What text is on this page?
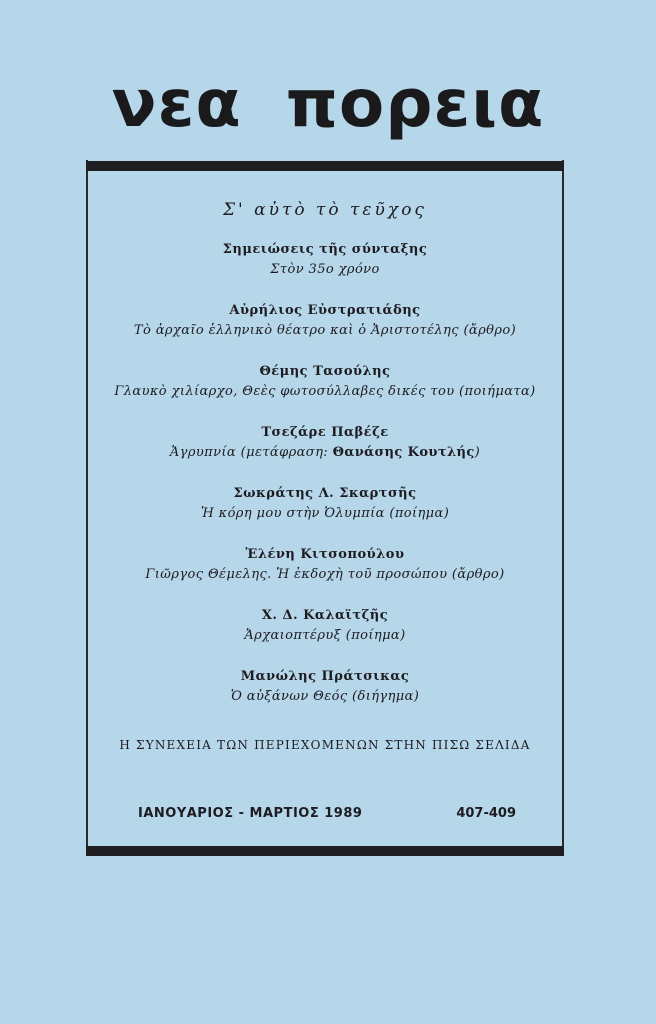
νεα πορεια
Σ' αὐτὸ τὸ τεῦχος
Σημειώσεις τῆς σύνταξης
Στὸν 35ο χρόνο
Αὐρήλιος Εὐστρατιάδης
Τὸ ἀρχαῖο ἑλληνικὸ θέατρο καὶ ὁ Ἀριστοτέλης (ἄρθρο)
Θέμης Τασούλης
Γλαυκὸ χιλίαρχο, Θεὲς φωτοσύλλαβες δικές του (ποιήματα)
Τσεζάρε Παβέζε
Ἀγρυπνία (μετάφραση: Θανάσης Κουτλής)
Σωκράτης Λ. Σκαρτσῆς
Ἡ κόρη μου στὴν Ὀλυμπία (ποίημα)
Ἑλένη Κιτσοπούλου
Γιῶργος Θέμελης. Ἡ ἐκδοχὴ τοῦ προσώπου (ἄρθρο)
Χ. Δ. Καλαϊτζῆς
Ἀρχαιοπτέρυξ (ποίημα)
Μανώλης Πράτσικας
Ὁ αὐξάνων Θεός (διήγημα)
Η ΣΥΝΕΧΕΙΑ ΤΩΝ ΠΕΡΙΕΧΟΜΕΝΩΝ ΣΤΗΝ ΠΙΣΩ ΣΕΛΙΔΑ
ΙΑΝΟΥΑΡΙΟΣ - ΜΑΡΤΙΟΣ 1989	407-409
